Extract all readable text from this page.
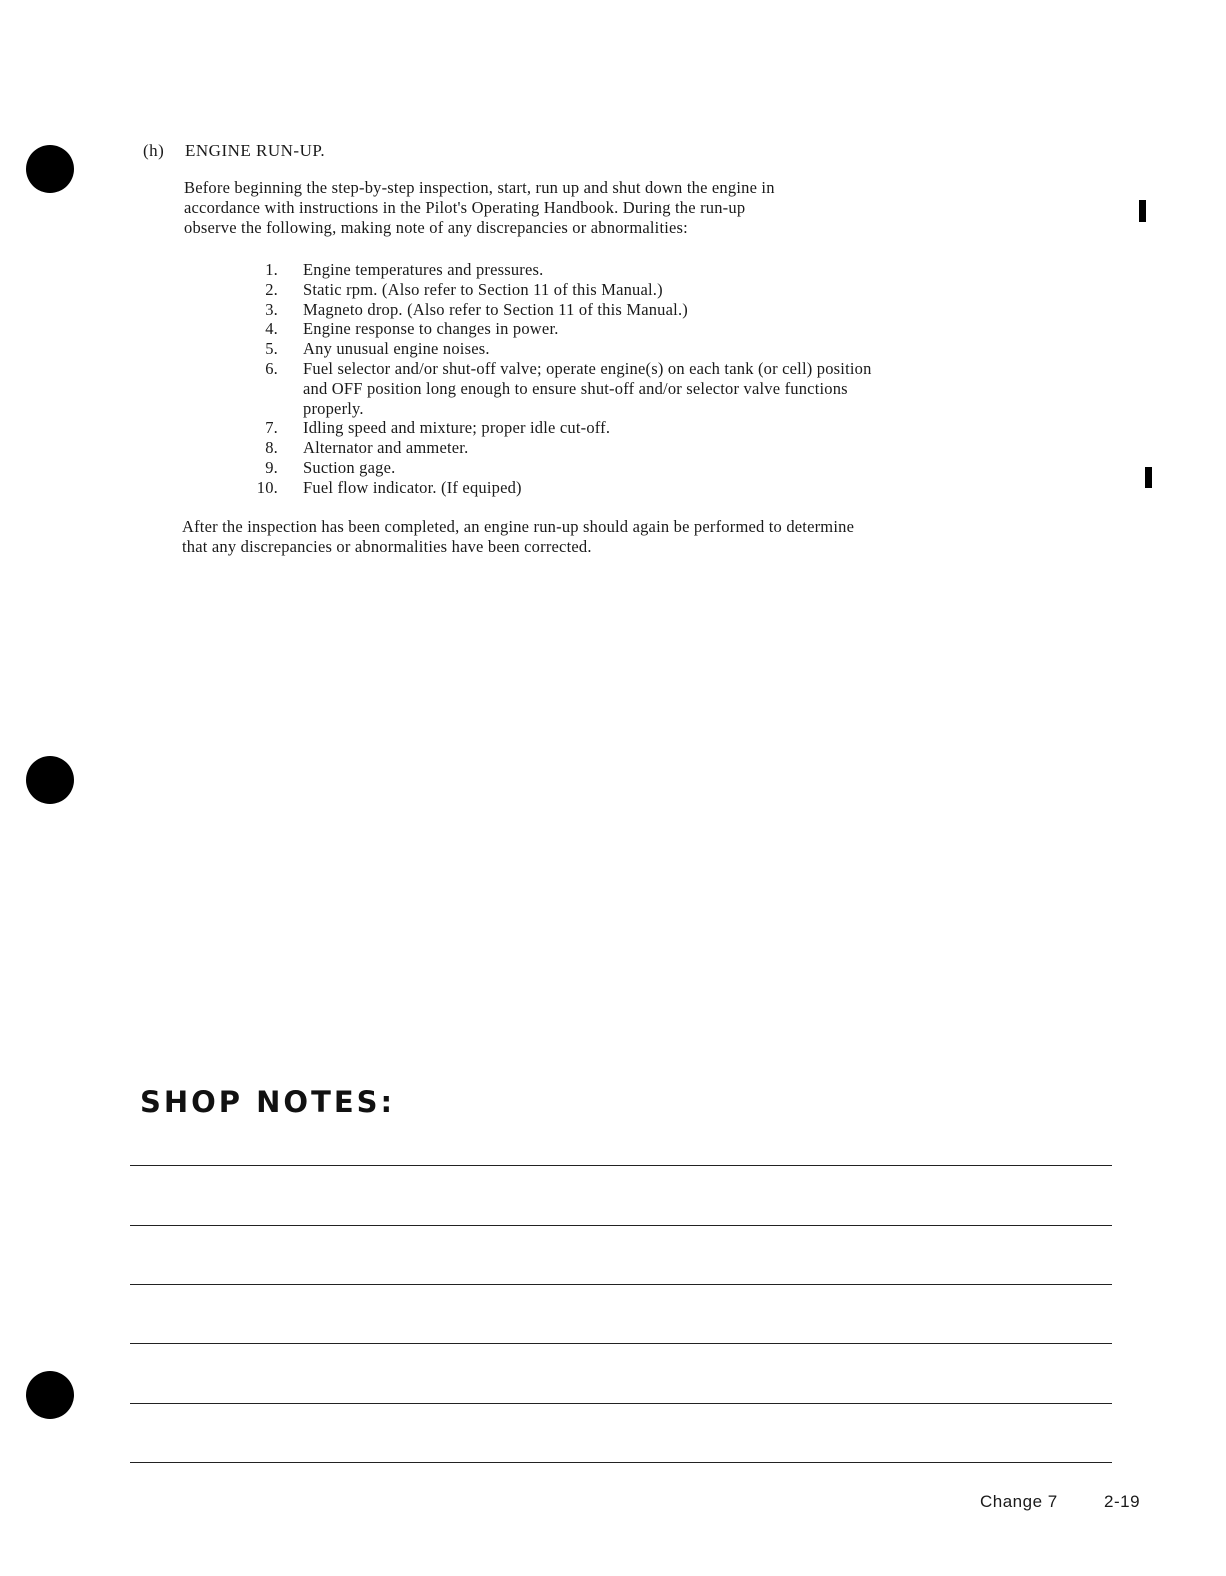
(h) ENGINE RUN-UP.
Before beginning the step-by-step inspection, start, run up and shut down the engine in
accordance with instructions in the Pilot's Operating Handbook. During the run-up
observe the following, making note of any discrepancies or abnormalities:
1. Engine temperatures and pressures.
2. Static rpm. (Also refer to Section 11 of this Manual.)
3. Magneto drop. (Also refer to Section 11 of this Manual.)
4. Engine response to changes in power.
5. Any unusual engine noises.
6. Fuel selector and/or shut-off valve; operate engine(s) on each tank (or cell) position
and OFF position long enough to ensure shut-off and/or selector valve functions
properly.
7. Idling speed and mixture; proper idle cut-off.
8. Alternator and ammeter.
9. Suction gage.
10. Fuel flow indicator. (If equiped)
After the inspection has been completed, an engine run-up should again be performed to determine
that any discrepancies or abnormalities have been corrected.
SHOP NOTES:
Change 7	2-19
